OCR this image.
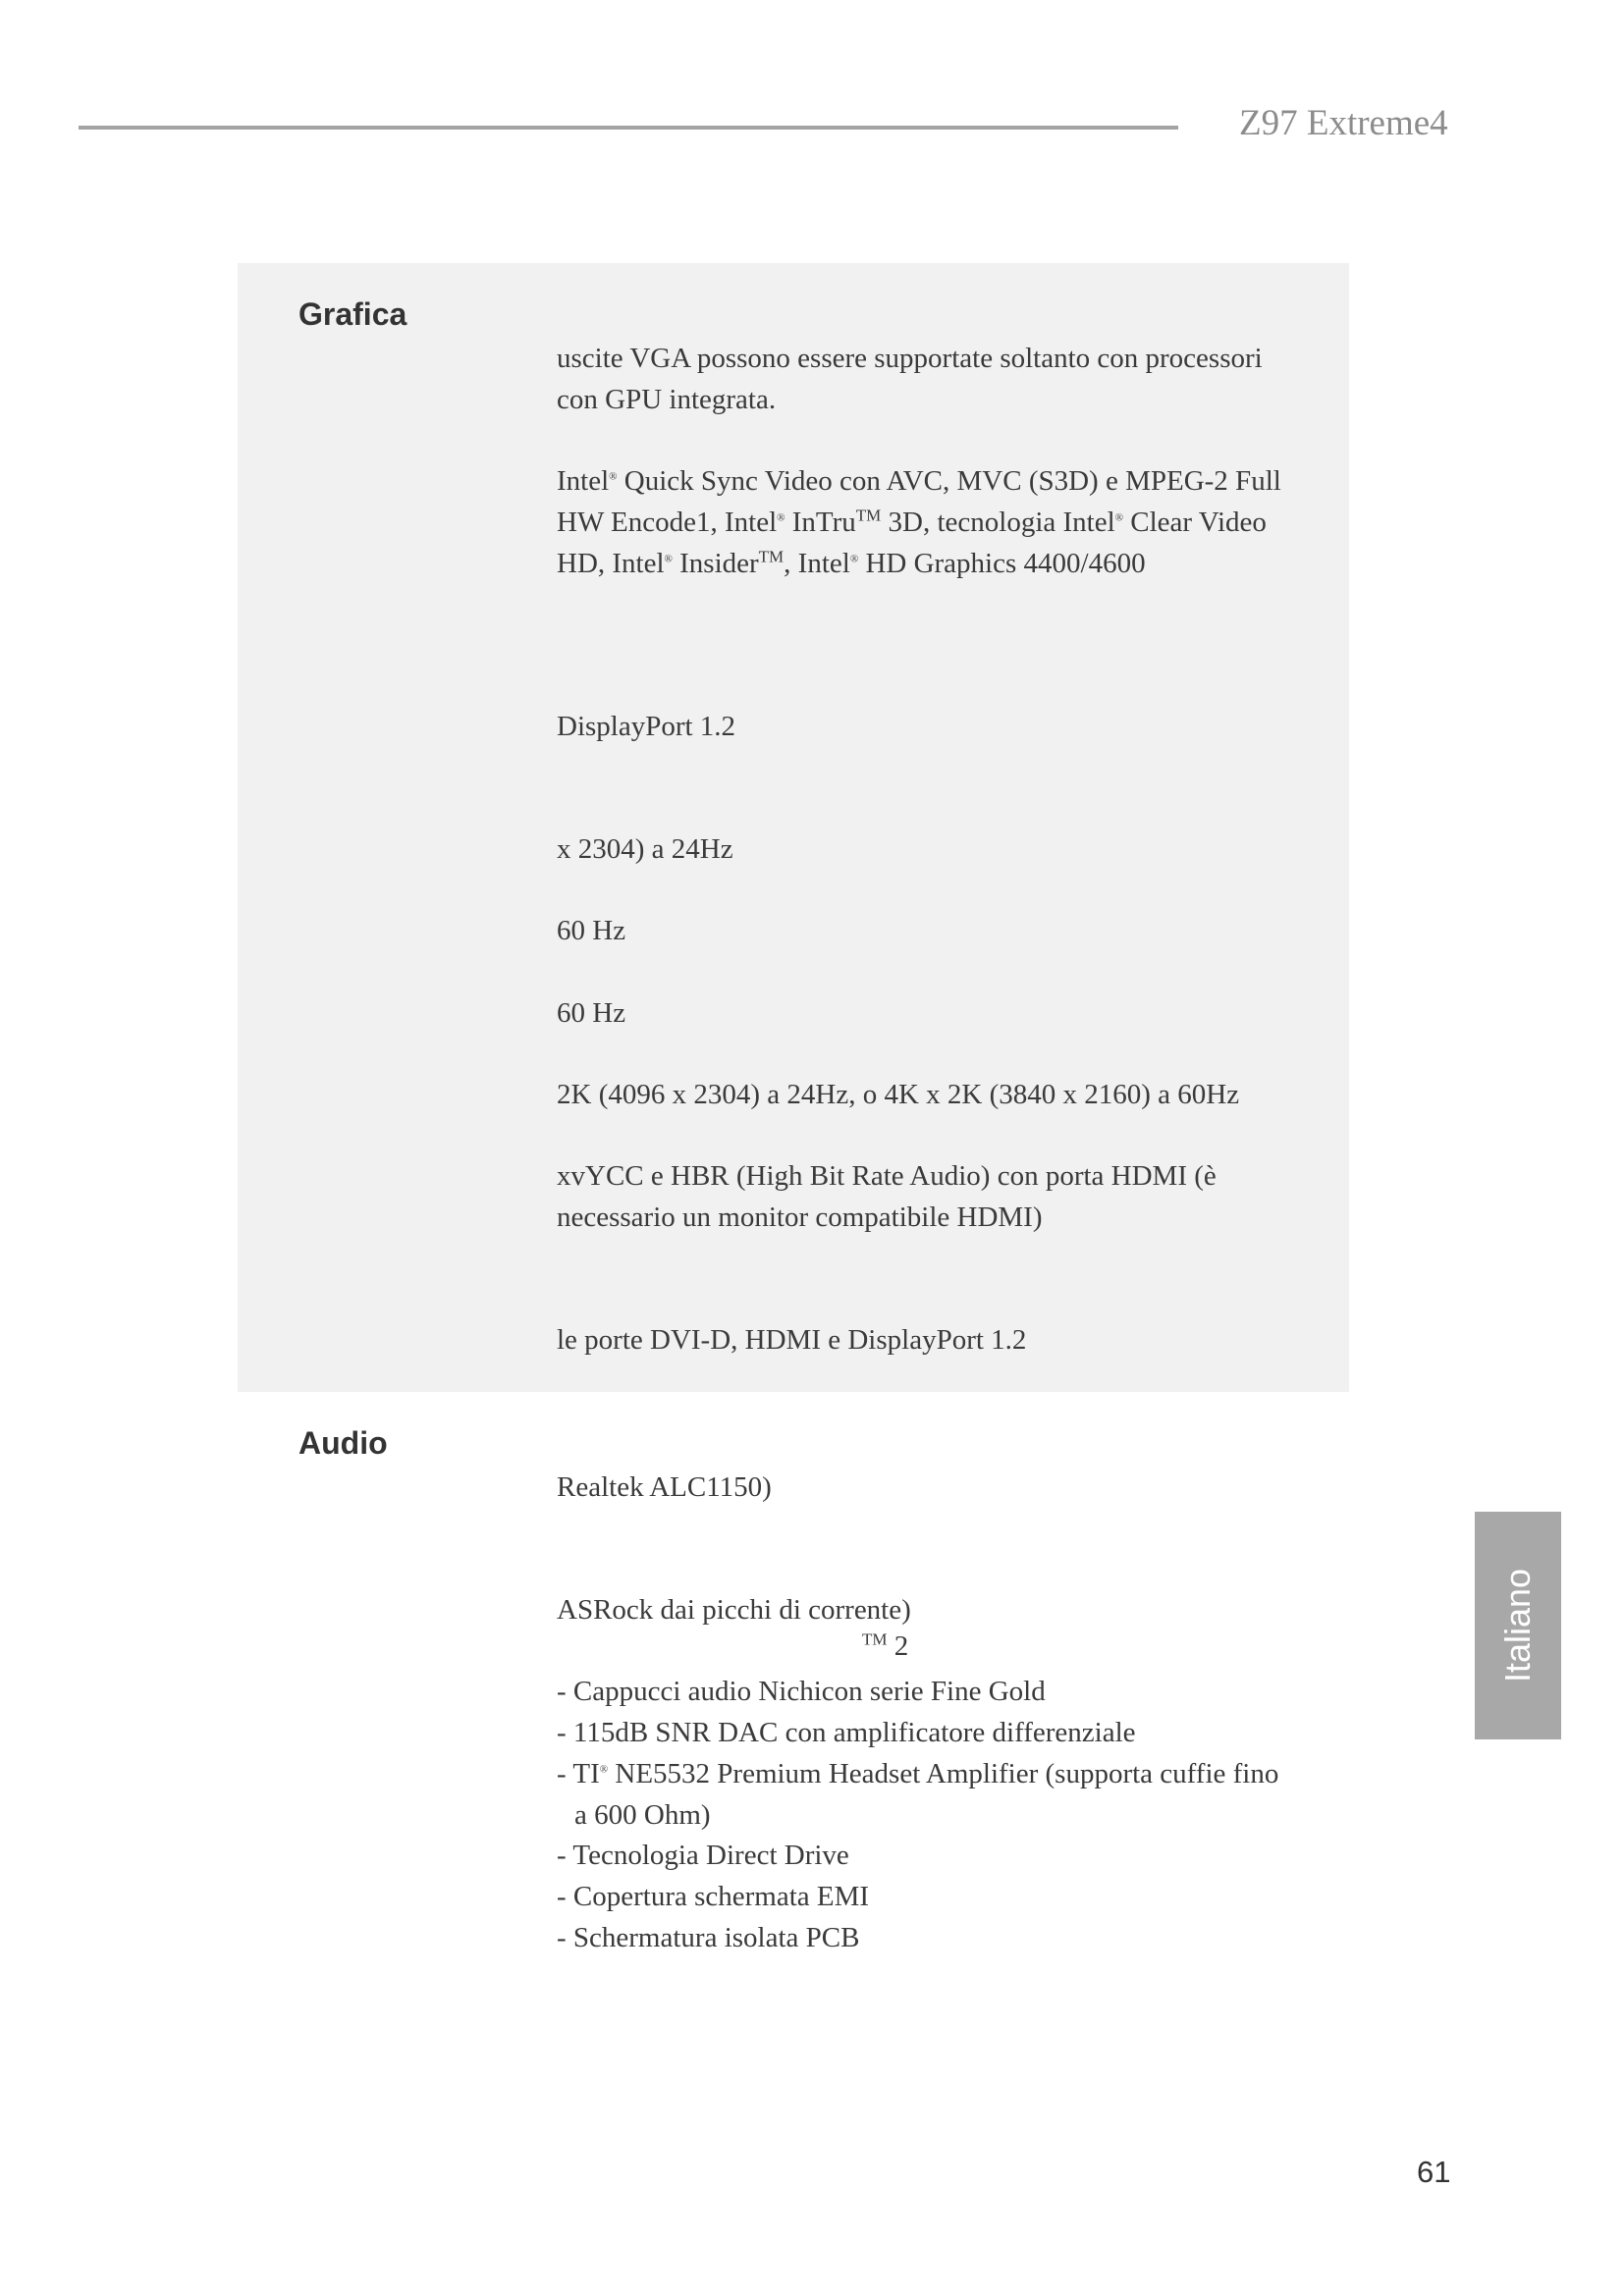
Z97 Extreme4
Grafica
uscite VGA possono essere supportate soltanto con processori
con GPU integrata.
Intel® Quick Sync Video con AVC, MVC (S3D) e MPEG-2 Full
HW Encode1, Intel® InTru™ 3D, tecnologia Intel® Clear Video
HD, Intel® Insider™, Intel® HD Graphics 4400/4600
DisplayPort 1.2
x 2304) a 24Hz
60 Hz
60 Hz
2K (4096 x 2304) a 24Hz, o 4K x 2K (3840 x 2160) a 60Hz
xvYCC e HBR (High Bit Rate Audio) con porta HDMI (è
necessario un monitor compatibile HDMI)
le porte DVI-D, HDMI e DisplayPort 1.2
Audio
Realtek ALC1150)
ASRock dai picchi di corrente)
™ 2
- Cappucci audio Nichicon serie Fine Gold
- 115dB SNR DAC con amplificatore differenziale
- TI® NE5532 Premium Headset Amplifier (supporta cuffie fino
a 600 Ohm)
- Tecnologia Direct Drive
- Copertura schermata EMI
- Schermatura isolata PCB
Italiano
61
